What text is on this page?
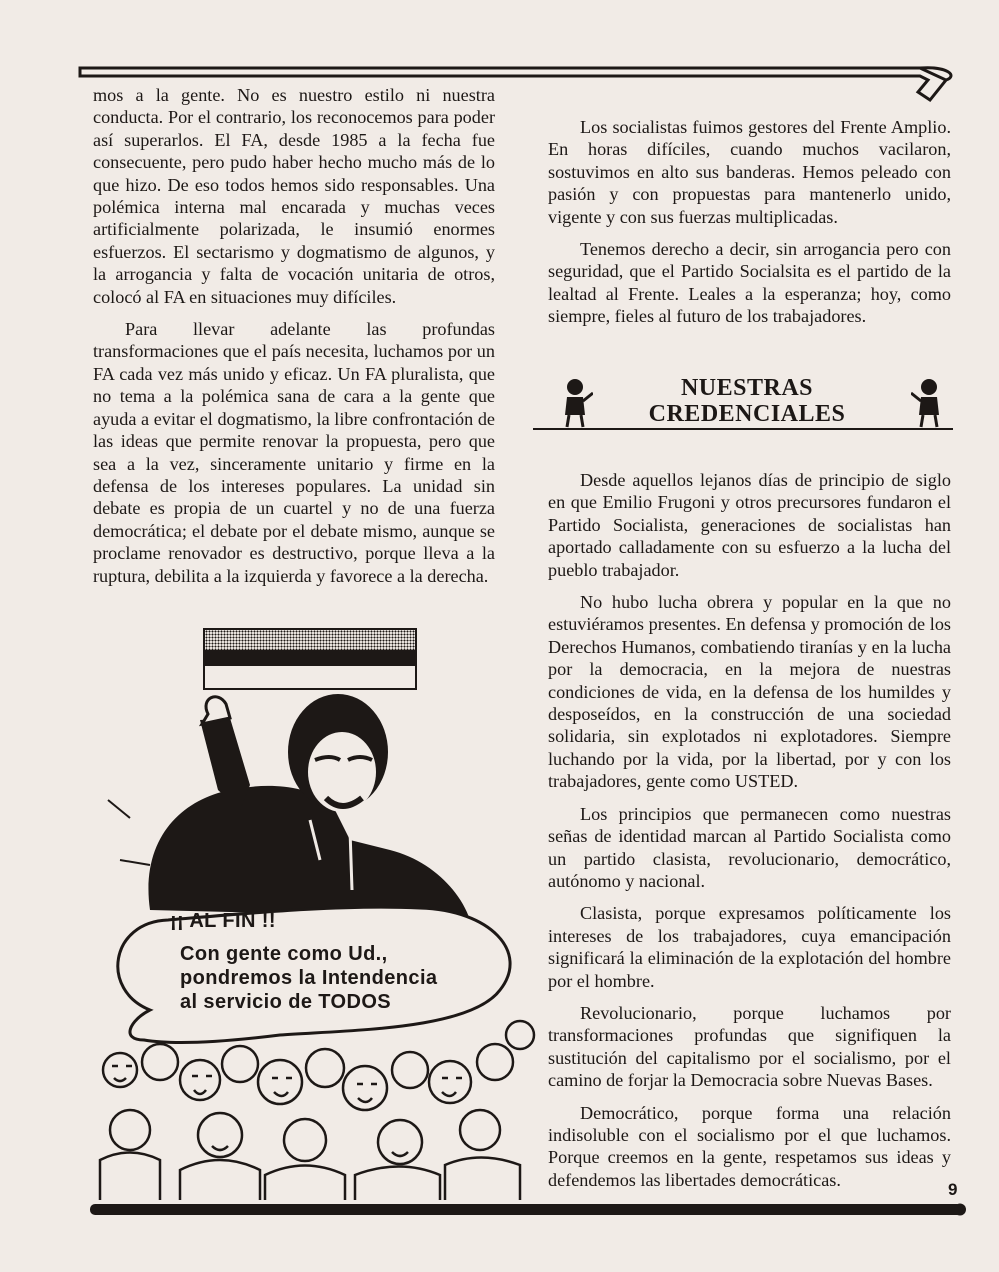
mos a la gente. No es nuestro estilo ni nuestra conducta. Por el contrario, los reconocemos para poder así superarlos. El FA, desde 1985 a la fecha fue consecuente, pero pudo haber hecho mucho más de lo que hizo. De eso todos hemos sido responsables. Una polémica interna mal encarada y muchas veces artificialmente polarizada, le insumió enormes esfuerzos. El sectarismo y dogmatismo de algunos, y la arrogancia y falta de vocación unitaria de otros, colocó al FA en situaciones muy difíciles.

Para llevar adelante las profundas transformaciones que el país necesita, luchamos por un FA cada vez más unido y eficaz. Un FA pluralista, que no tema a la polémica sana de cara a la gente que ayuda a evitar el dogmatismo, la libre confrontación de las ideas que permite renovar la propuesta, pero que sea a la vez, sinceramente unitario y firme en la defensa de los intereses populares. La unidad sin debate es propia de un cuartel y no de una fuerza democrática; el debate por el debate mismo, aunque se proclame renovador es destructivo, porque lleva a la ruptura, debilita a la izquierda y favorece a la derecha.

Los socialistas fuimos gestores del Frente Amplio. En horas difíciles, cuando muchos vacilaron, sostuvimos en alto sus banderas. Hemos peleado con pasión y con propuestas para mantenerlo unido, vigente y con sus fuerzas multiplicadas.

Tenemos derecho a decir, sin arrogancia pero con seguridad, que el Partido Socialsita es el partido de la lealtad al Frente. Leales a la esperanza; hoy, como siempre, fieles al futuro de los trabajadores.

NUESTRAS
CREDENCIALES

Desde aquellos lejanos días de principio de siglo en que Emilio Frugoni y otros precursores fundaron el Partido Socialista, generaciones de socialistas han aportado calladamente con su esfuerzo a la lucha del pueblo trabajador.

No hubo lucha obrera y popular en la que no estuviéramos presentes. En defensa y promoción de los Derechos Humanos, combatiendo tiranías y en la lucha por la democracia, en la mejora de nuestras condiciones de vida, en la defensa de los humildes y desposeídos, en la construcción de una sociedad solidaria, sin explotados ni explotadores. Siempre luchando por la vida, por la libertad, por y con los trabajadores, gente como USTED.

Los principios que permanecen como nuestras señas de identidad marcan al Partido Socialista como un partido clasista, revolucionario, democrático, autónomo y nacional.

Clasista, porque expresamos políticamente los intereses de los trabajadores, cuya emancipación significará la eliminación de la explotación del hombre por el hombre.

Revolucionario, porque luchamos por transformaciones profundas que signifiquen la sustitución del capitalismo por el socialismo, por el camino de forjar la Democracia sobre Nuevas Bases.

Democrático, porque forma una relación indisoluble con el socialismo por el que luchamos. Porque creemos en la gente, respetamos sus ideas y defendemos las libertades democráticas.

¡¡ AL FIN !!
Con gente como Ud.,
pondremos la Intendencia
al servicio de TODOS
9
